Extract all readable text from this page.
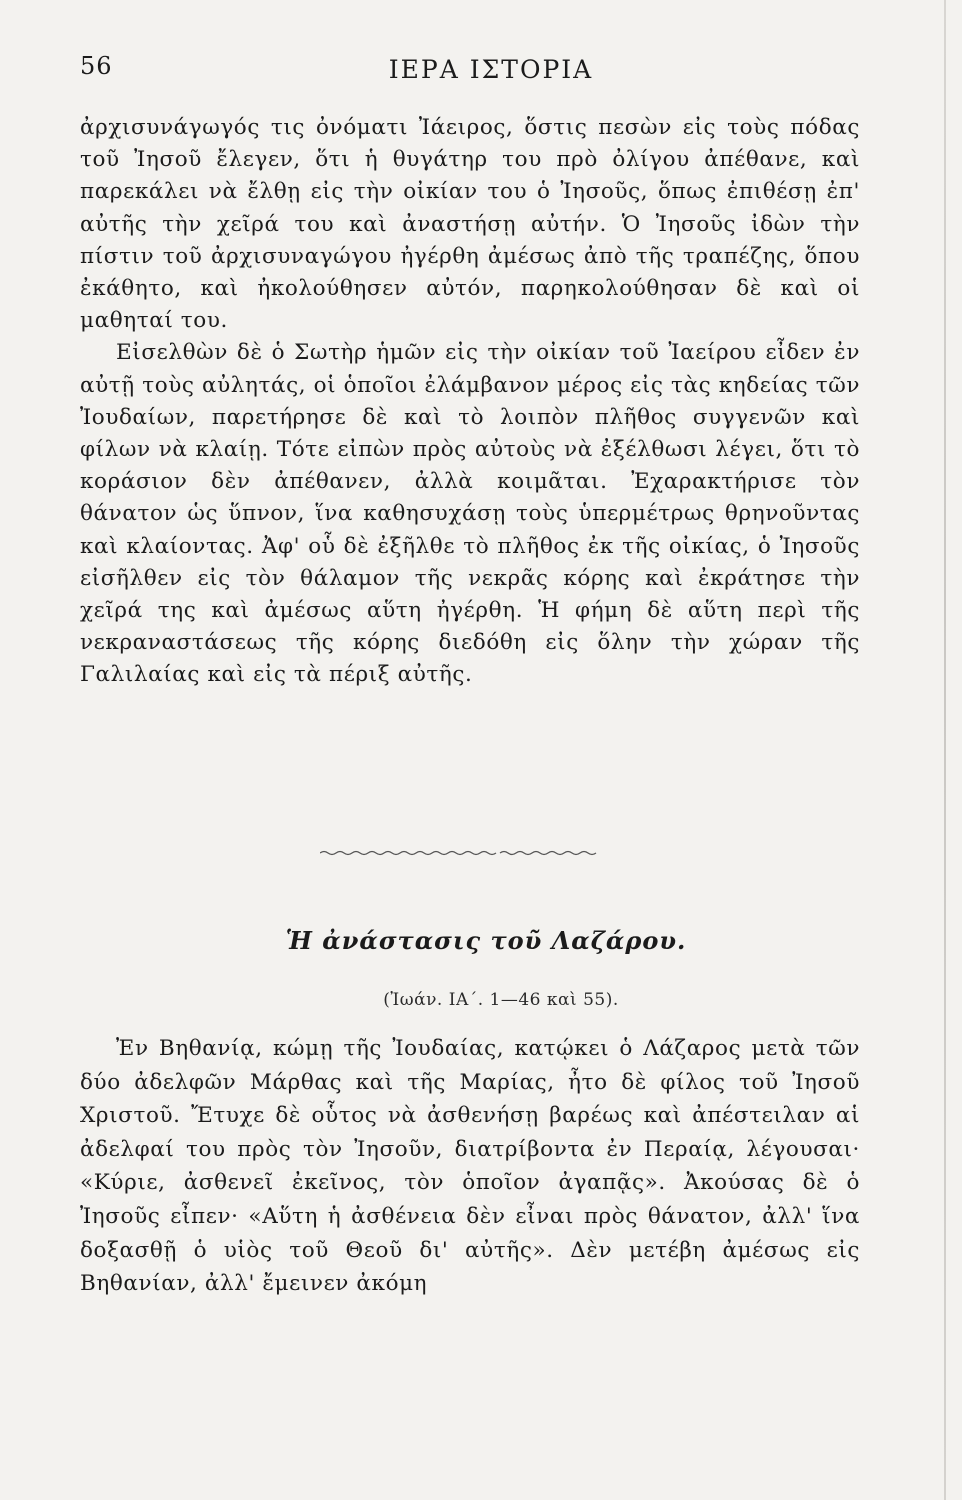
56	ΙΕΡΑ ΙΣΤΟΡΙΑ

ἀρχισυνάγωγός τις ὀνόματι Ἰάειρος, ὅστις πεσὼν εἰς τοὺς πόδας τοῦ Ἰησοῦ ἔλεγεν, ὅτι ἡ θυγάτηρ του πρὸ ὀλίγου ἀπέθανε, καὶ παρεκάλει νὰ ἔλθῃ εἰς τὴν οἰκίαν του ὁ Ἰησοῦς, ὅπως ἐπιθέσῃ ἐπ' αὐτῆς τὴν χεῖρά του καὶ ἀναστήσῃ αὐτήν. Ὁ Ἰησοῦς ἰδὼν τὴν πίστιν τοῦ ἀρχισυναγώγου ἠγέρθη ἀμέσως ἀπὸ τῆς τραπέζης, ὅπου ἐκάθητο, καὶ ἠκολούθησεν αὐτόν, παρηκολούθησαν δὲ καὶ οἱ μαθηταί του.

Εἰσελθὼν δὲ ὁ Σωτὴρ ἡμῶν εἰς τὴν οἰκίαν τοῦ Ἰαείρου εἶδεν ἐν αὐτῇ τοὺς αὐλητάς, οἱ ὁποῖοι ἐλάμβανον μέρος εἰς τὰς κηδείας τῶν Ἰουδαίων, παρετήρησε δὲ καὶ τὸ λοιπὸν πλῆθος συγγενῶν καὶ φίλων νὰ κλαίῃ. Τότε εἰπὼν πρὸς αὐτοὺς νὰ ἐξέλθωσι λέγει, ὅτι τὸ κοράσιον δὲν ἀπέθανεν, ἀλλὰ κοιμᾶται. Ἐχαρακτήρισε τὸν θάνατον ὡς ὕπνον, ἵνα καθησυχάσῃ τοὺς ὑπερμέτρως θρηνοῦντας καὶ κλαίοντας. Ἀφ' οὗ δὲ ἐξῆλθε τὸ πλῆθος ἐκ τῆς οἰκίας, ὁ Ἰησοῦς εἰσῆλθεν εἰς τὸν θάλαμον τῆς νεκρᾶς κόρης καὶ ἐκράτησε τὴν χεῖρά της καὶ ἀμέσως αὕτη ἠγέρθη. Ἡ φήμη δὲ αὕτη περὶ τῆς νεκραναστάσεως τῆς κόρης διεδόθη εἰς ὅλην τὴν χώραν τῆς Γαλιλαίας καὶ εἰς τὰ πέριξ αὐτῆς.

Ἡ ἀνάστασις τοῦ Λαζάρου.
(Ἰωάν. ΙΑ΄. 1—46 καὶ 55).

Ἐν Βηθανίᾳ, κώμῃ τῆς Ἰουδαίας, κατῴκει ὁ Λάζαρος μετὰ τῶν δύο ἀδελφῶν Μάρθας καὶ τῆς Μαρίας, ἦτο δὲ φίλος τοῦ Ἰησοῦ Χριστοῦ. Ἔτυχε δὲ οὗτος νὰ ἀσθενήσῃ βαρέως καὶ ἀπέστειλαν αἱ ἀδελφαί του πρὸς τὸν Ἰησοῦν, διατρίβοντα ἐν Περαίᾳ, λέγουσαι· «Κύριε, ἀσθενεῖ ἐκεῖνος, τὸν ὁποῖον ἀγαπᾷς». Ἀκούσας δὲ ὁ Ἰησοῦς εἶπεν· «Αὕτη ἡ ἀσθένεια δὲν εἶναι πρὸς θάνατον, ἀλλ' ἵνα δοξασθῇ ὁ υἱὸς τοῦ Θεοῦ δι' αὐτῆς». Δὲν μετέβη ἀμέσως εἰς Βηθανίαν, ἀλλ' ἔμεινεν ἀκόμη
